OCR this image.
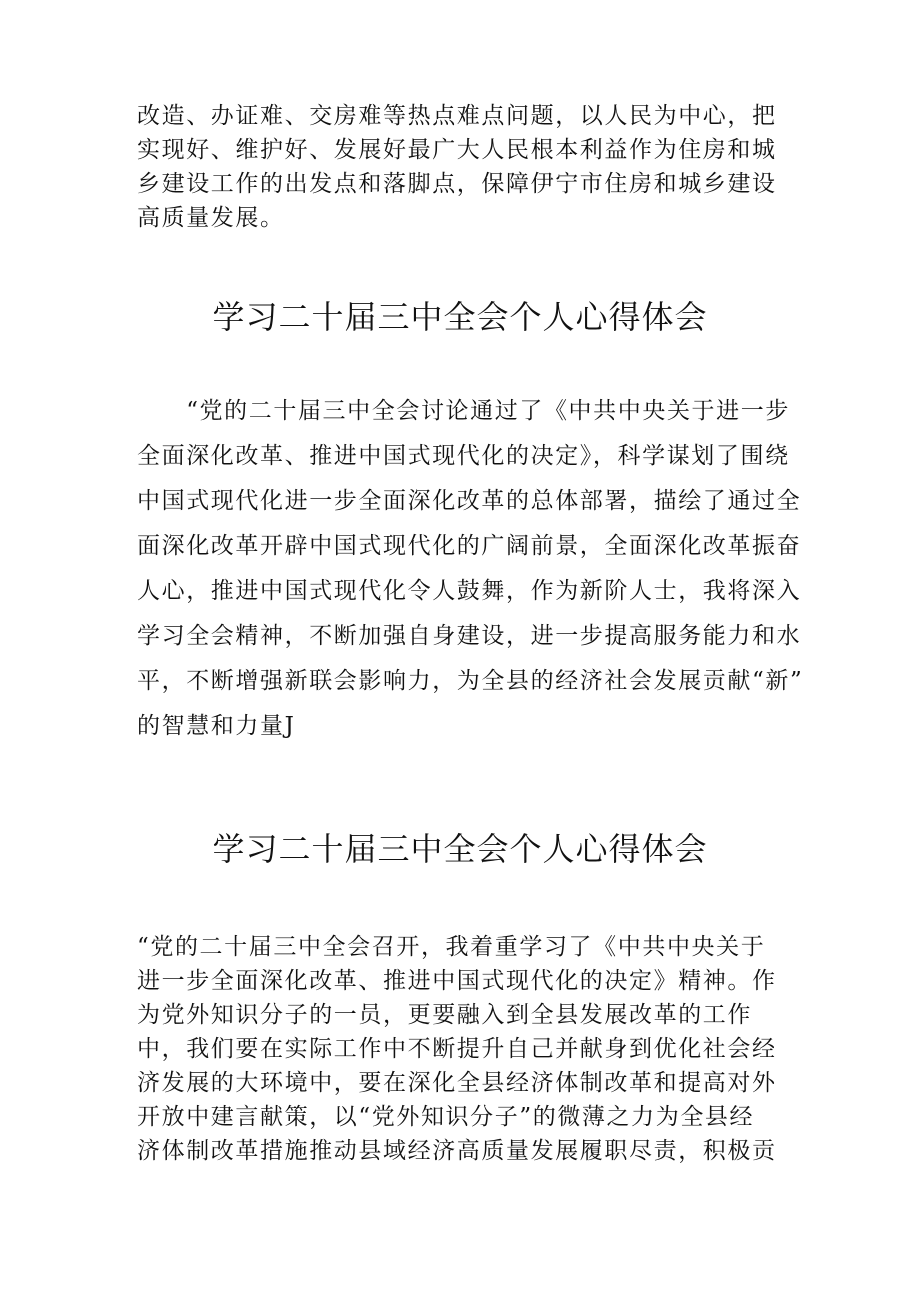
改造、办证难、交房难等热点难点问题，以人民为中心，把
实现好、维护好、发展好最广大人民根本利益作为住房和城
乡建设工作的出发点和落脚点，保障伊宁市住房和城乡建设
高质量发展。
学习二十届三中全会个人心得体会
　　“党的二十届三中全会讨论通过了《中共中央关于进一步
全面深化改革、推进中国式现代化的决定》，科学谋划了围绕
中国式现代化进一步全面深化改革的总体部署，描绘了通过全
面深化改革开辟中国式现代化的广阔前景，全面深化改革振奋
人心，推进中国式现代化令人鼓舞，作为新阶人士，我将深入
学习全会精神，不断加强自身建设，进一步提高服务能力和水
平，不断增强新联会影响力，为全县的经济社会发展贡献“新”
的智慧和力量J
学习二十届三中全会个人心得体会
“党的二十届三中全会召开，我着重学习了《中共中央关于
进一步全面深化改革、推进中国式现代化的决定》精神。作
为党外知识分子的一员，更要融入到全县发展改革的工作
中，我们要在实际工作中不断提升自己并献身到优化社会经
济发展的大环境中，要在深化全县经济体制改革和提高对外
开放中建言献策，以“党外知识分子”的微薄之力为全县经
济体制改革措施推动县域经济高质量发展履职尽责，积极贡
